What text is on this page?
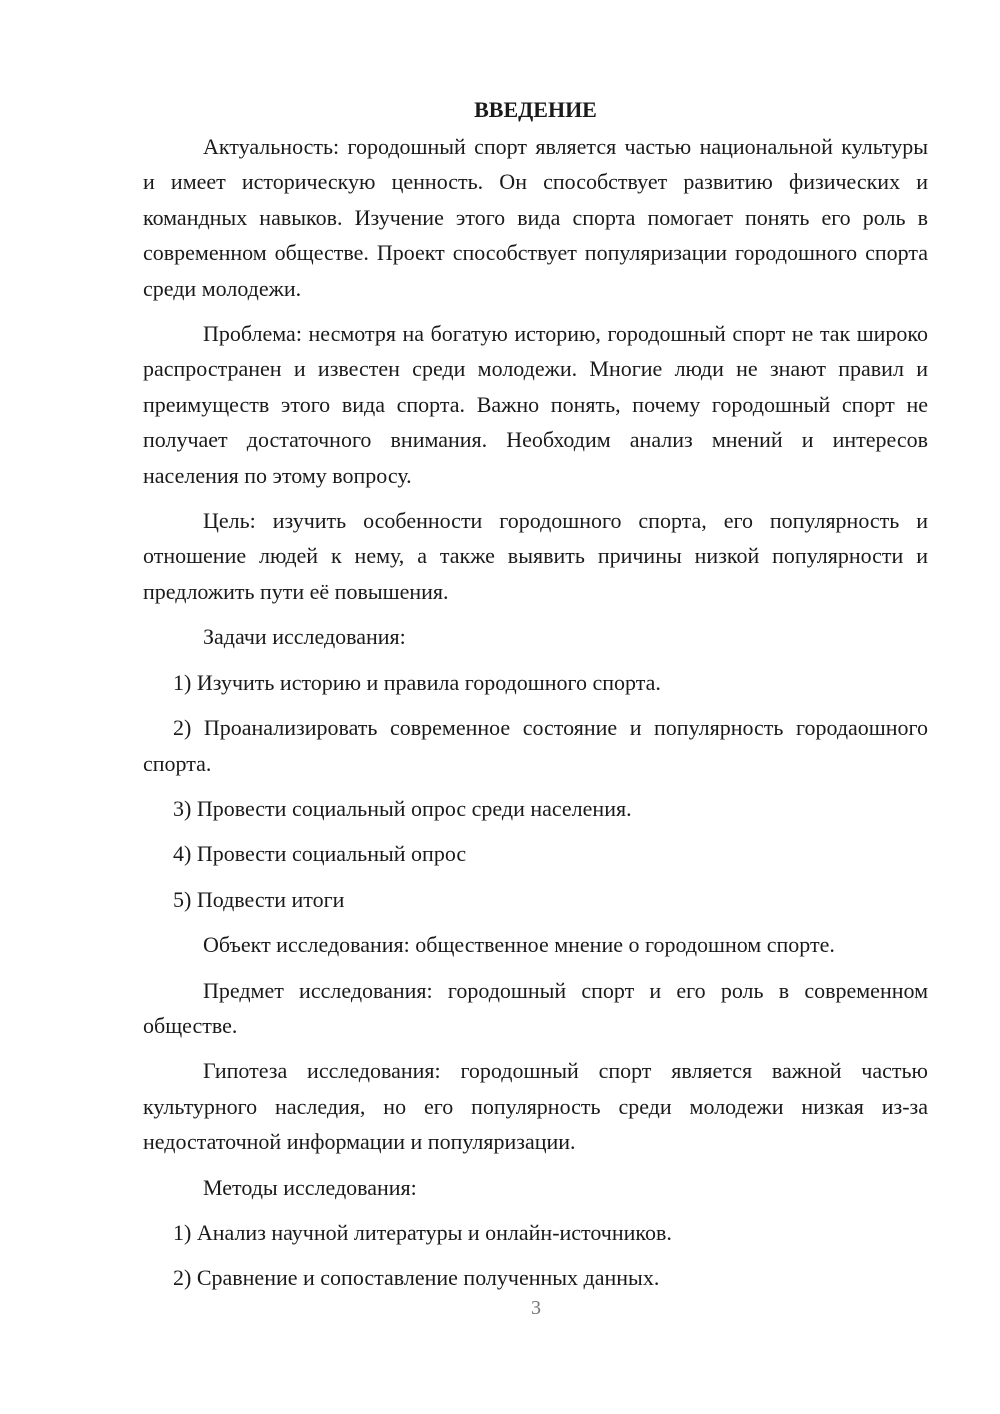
ВВЕДЕНИЕ

Актуальность: городошный спорт является частью национальной культуры и имеет историческую ценность. Он способствует развитию физических и командных навыков. Изучение этого вида спорта помогает понять его роль в современном обществе. Проект способствует популяризации городошного спорта среди молодежи.

Проблема: несмотря на богатую историю, городошный спорт не так широко распространен и известен среди молодежи. Многие люди не знают правил и преимуществ этого вида спорта. Важно понять, почему городошный спорт не получает достаточного внимания. Необходим анализ мнений и интересов населения по этому вопросу.

Цель: изучить особенности городошного спорта, его популярность и отношение людей к нему, а также выявить причины низкой популярности и предложить пути её повышения.

Задачи исследования:

1) Изучить историю и правила городошного спорта.

2) Проанализировать современное состояние и популярность городаошного спорта.

3) Провести социальный опрос среди населения.

4) Провести социальный опрос

5) Подвести итоги

Объект исследования: общественное мнение о городошном спорте.

Предмет исследования: городошный спорт и его роль в современном обществе.

Гипотеза исследования: городошный спорт является важной частью культурного наследия, но его популярность среди молодежи низкая из-за недостаточной информации и популяризации.

Методы исследования:

1) Анализ научной литературы и онлайн-источников.

2) Сравнение и сопоставление полученных данных.

3
